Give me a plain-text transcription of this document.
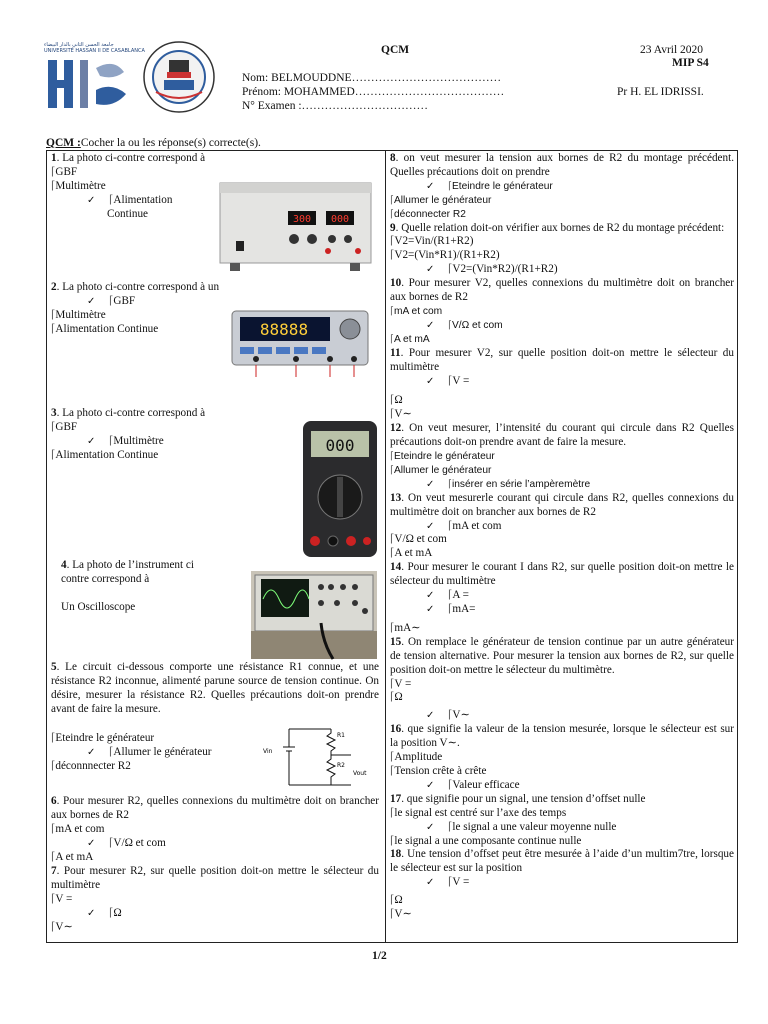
جامعة الحسن الثاني بالدار البيضاء
UNIVERSITÉ HASSAN II DE CASABLANCA	QCM	23 Avril 2020
MIP S4
Nom: BELMOUDDNE…………………………………
Prénom: MOHAMMED…………………………………	Pr H. EL IDRISSI.
N° Examen :……………………………
QCM :Cocher la ou les réponse(s) correcte(s).
1. La photo ci-contre correspond à
⌈GBF
⌈Multimètre
✓ ⌈Alimentation
Continue	300 000
2. La photo ci-contre correspond à un
✓ ⌈GBF
⌈Multimètre
⌈Alimentation Continue	88888
3. La photo ci-contre correspond à
⌈GBF
✓ ⌈Multimètre
⌈Alimentation Continue	000
4. La photo de l’instrument ci
contre correspond à
Un Oscilloscope
5. Le circuit ci-dessous comporte une résistance R1 connue, et une résistance R2 inconnue, alimenté parune source de tension continue. On désire, mesurer la résistance R2. Quelles précautions doit-on prendre avant de faire la mesure.
⌈Eteindre le générateur
✓ ⌈Allumer le générateur
⌈déconnnecter R2
Vin
R1
R2
Vout
6. Pour mesurer R2, quelles connexions du multimètre doit on brancher aux bornes de R2
⌈mA et com
✓ ⌈V/Ω et com
⌈A et mA
7. Pour mesurer R2, sur quelle position doit-on mettre le sélecteur du multimètre
⌈V =
✓ ⌈Ω
⌈V∼
8. on veut mesurer la tension aux bornes de R2 du montage précédent. Quelles précautions doit on prendre
✓ ⌈Eteindre le générateur
⌈Allumer le générateur
⌈déconnecter R2
9. Quelle relation doit-on vérifier aux bornes de R2 du montage précédent:
⌈V2=Vin/(R1+R2)
⌈V2=(Vin*R1)/(R1+R2)
✓ ⌈V2=(Vin*R2)/(R1+R2)
10. Pour mesurer V2, quelles connexions du multimètre doit on brancher aux bornes de R2
⌈mA et com
✓ ⌈V/Ω et com
⌈A et mA
11. Pour mesurer V2, sur quelle position doit-on mettre le sélecteur du multimètre
✓ ⌈V =
⌈Ω
⌈V∼
12. On veut mesurer, l’intensité du courant qui circule dans R2 Quelles précautions doit-on prendre avant de faire la mesure.
⌈Eteindre le générateur
⌈Allumer le générateur
✓ ⌈insérer en série l’ampèremètre
13. On veut mesurerle courant qui circule dans R2, quelles connexions du multimètre doit on brancher aux bornes de R2
✓ ⌈mA et com
⌈V/Ω et com
⌈A et mA
14. Pour mesurer le courant I dans R2, sur quelle position doit-on mettre le sélecteur du multimètre
✓ ⌈A =
✓ ⌈mA=
⌈mA∼
15. On remplace le générateur de tension continue par un autre générateur de tension alternative. Pour mesurer la tension aux bornes de R2, sur quelle position doit-on mettre le sélecteur du multimètre.
⌈V =
⌈Ω
✓ ⌈V∼
16. que signifie la valeur de la tension mesurée, lorsque le sélecteur est sur la position V∼.
⌈Amplitude
⌈Tension crête à crête
✓ ⌈Valeur efficace
17. que signifie pour un signal, une tension d’offset nulle
⌈le signal est centré sur l’axe des temps
✓ ⌈le signal a une valeur moyenne nulle
⌈le signal a une composante continue nulle
18. Une tension d’offset peut être mesurée à l’aide d’un multim7tre, lorsque le sélecteur est sur la position
✓ ⌈V =
⌈Ω
⌈V∼
1/2
